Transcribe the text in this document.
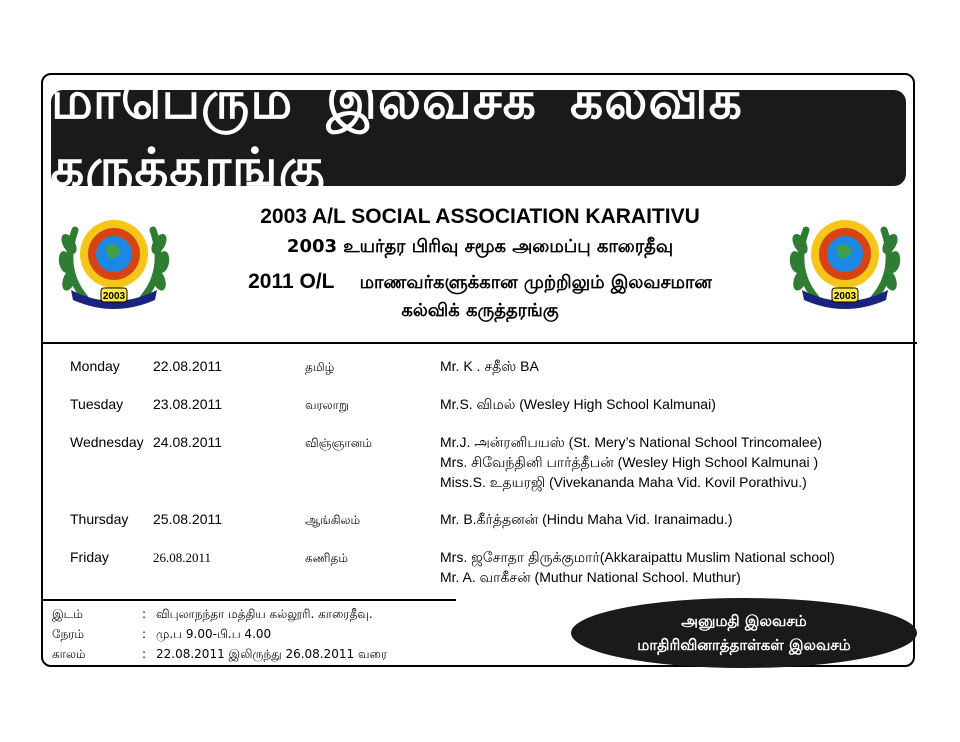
மாபெரும் இலவசக் கல்விக் கருத்தரங்கு
2003	2003
2003 A/L SOCIAL ASSOCIATION KARAITIVU
2003 உயர்தர பிரிவு சமூக அமைப்பு காரைதீவு
2011 O/L மாணவர்களுக்கான முற்றிலும் இலவசமான
கல்விக் கருத்தரங்கு
Monday 22.08.2011	தமிழ்	Mr. K . சதீஸ் BA
Tuesday 23.08.2011	வரலாறு	Mr.S. விமல் (Wesley High School Kalmunai)
Wednesday 24.08.2011	விஞ்ஞானம்	Mr.J. அன்ரனிபயஸ் (St. Mery’s National School Trincomalee)
Mrs. சிவேந்தினி பார்த்தீபன் (Wesley High School Kalmunai )
Miss.S. உதயரஜி (Vivekananda Maha Vid. Kovil Porathivu.)
Thursday 25.08.2011	ஆங்கிலம்	Mr. B.கீர்த்தனன் (Hindu Maha Vid. Iranaimadu.)
Friday	26.08.2011	கணிதம்	Mrs. ஜசோதா திருக்குமார்(Akkaraipattu Muslim National school)
Mr. A. வாகீசன் (Muthur National School. Muthur)
இடம்	: விபுலாநந்தா மத்திய கல்லூரி. காரைதீவு.
நேரம்	: மு.ப 9.00-பி.ப 4.00
காலம்	: 22.08.2011 இலிருந்து 26.08.2011 வரை
அனுமதி இலவசம்
மாதிரிவினாத்தாள்கள் இலவசம்
